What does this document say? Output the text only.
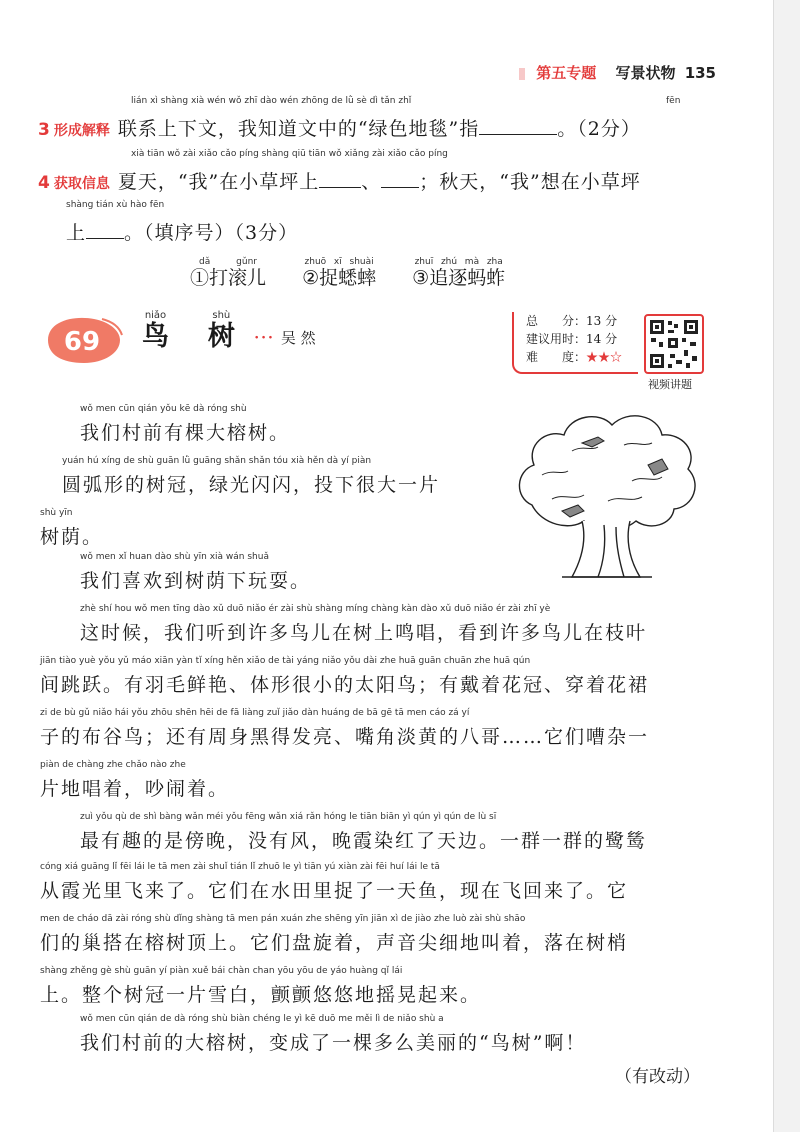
第五专题 写景状物 135
lián xì shàng xià wén wǒ zhī dào wén zhōng de lǜ sè dì tǎn zhǐ	fēn
3 形成解释 联系上下文，我知道文中的“绿色地毯”指	。（2分）
xià tiān wǒ zài xiǎo cǎo píng shàng qiū tiān wǒ xiǎng zài xiǎo cǎo píng
4 获取信息 夏天，“我”在小草坪上 、 ；秋天，“我”想在小草坪
shàng tián xù hào fēn
上 。（填序号）（3分）
①打滚儿dǎ gǔnr ②捉蟋蟀zhuō xī shuài ③追逐蚂蚱zhuī zhú mà zha
69 鸟niǎo  树shù ··· 吴 然
总　　分：13 分
建议用时：14 分
难　　度：★★☆
视频讲题
wǒ men cūn qián yǒu kē dà róng shù
我们村前有棵大榕树。
yuán hú xíng de shù guān lǜ guāng shǎn shǎn tóu xià hěn dà yí piàn
圆弧形的树冠，绿光闪闪，投下很大一片
shù yīn
树荫。
wǒ men xǐ huan dào shù yīn xià wán shuǎ
我们喜欢到树荫下玩耍。
zhè shí hou wǒ men tīng dào xǔ duō niǎo ér zài shù shàng míng chàng kàn dào xǔ duō niǎo ér zài zhī yè
这时候，我们听到许多鸟儿在树上鸣唱，看到许多鸟儿在枝叶
jiān tiào yuè yǒu yǔ máo xiān yàn tǐ xíng hěn xiǎo de tài yáng niǎo yǒu dài zhe huā guān chuān zhe huā qún
间跳跃。有羽毛鲜艳、体形很小的太阳鸟；有戴着花冠、穿着花裙
zi de bù gǔ niǎo hái yǒu zhōu shēn hēi de fā liàng zuǐ jiǎo dàn huáng de bā gē tā men cáo zá yí
子的布谷鸟；还有周身黑得发亮、嘴角淡黄的八哥……它们嘈杂一
piàn de chàng zhe chǎo nào zhe
片地唱着，吵闹着。
zuì yǒu qù de shì bàng wǎn méi yǒu fēng wǎn xiá rǎn hóng le tiān biān yì qún yì qún de lù sī
最有趣的是傍晚，没有风，晚霞染红了天边。一群一群的鹭鸶
cóng xiá guāng lǐ fēi lái le tā men zài shuǐ tián lǐ zhuō le yì tiān yú xiàn zài fēi huí lái le tā
从霞光里飞来了。它们在水田里捉了一天鱼，现在飞回来了。它
men de cháo dā zài róng shù dǐng shàng tā men pán xuán zhe shēng yīn jiān xì de jiào zhe luò zài shù shāo
们的巢搭在榕树顶上。它们盘旋着，声音尖细地叫着，落在树梢
shàng zhěng gè shù guān yí piàn xuě bái chàn chan yōu yōu de yáo huàng qǐ lái
上。整个树冠一片雪白，颤颤悠悠地摇晃起来。
wǒ men cūn qián de dà róng shù biàn chéng le yì kē duō me měi lì de niǎo shù a
我们村前的大榕树，变成了一棵多么美丽的“鸟树”啊！
（有改动）
